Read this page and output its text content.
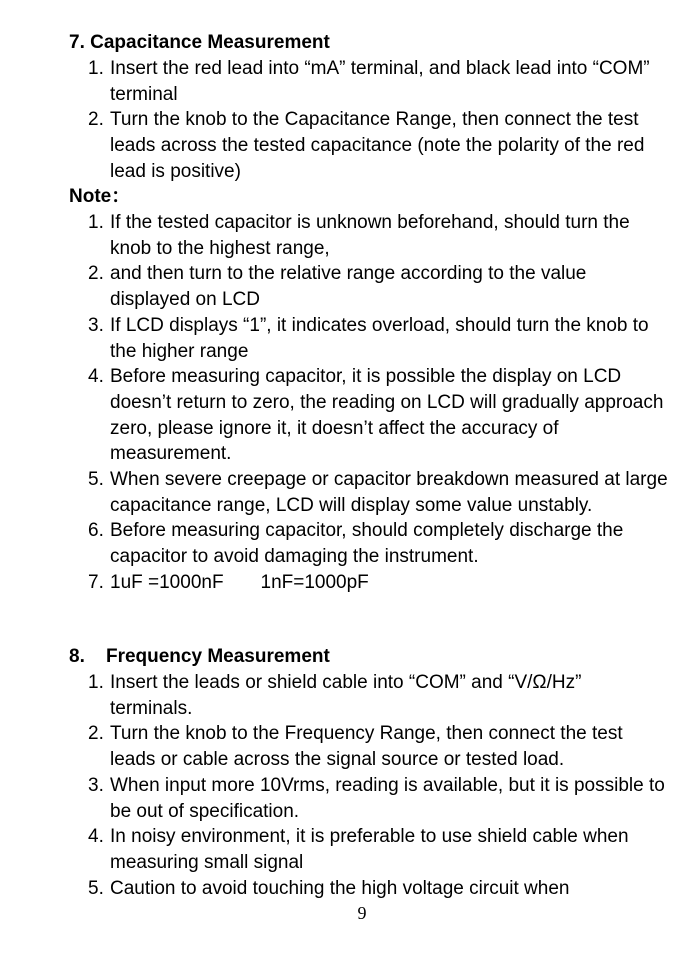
7. Capacitance Measurement
1. Insert the red lead into “mA” terminal, and black lead into “COM” terminal
2. Turn the knob to the Capacitance Range, then connect the test leads across the tested capacitance (note the polarity of the red lead is positive)
Note：
1. If the tested capacitor is unknown beforehand, should turn the knob to the highest range,
2. and then turn to the relative range according to the value displayed on LCD
3. If LCD displays “1”, it indicates overload, should turn the knob to the higher range
4. Before measuring capacitor, it is possible the display on LCD doesn’t return to zero, the reading on LCD will gradually approach zero, please ignore it, it doesn’t affect the accuracy of measurement.
5. When severe creepage or capacitor breakdown measured at large capacitance range, LCD will display some value unstably.
6. Before measuring capacitor, should completely discharge the capacitor to avoid damaging the instrument.
7. 1uF =1000nF       1nF=1000pF
8.    Frequency Measurement
1. Insert the leads or shield cable into “COM” and “V/Ω/Hz” terminals.
2. Turn the knob to the Frequency Range, then connect the test leads or cable across the signal source or tested load.
3. When input more 10Vrms, reading is available, but it is possible to be out of specification.
4. In noisy environment, it is preferable to use shield cable when measuring small signal
5. Caution to avoid touching the high voltage circuit when
9
